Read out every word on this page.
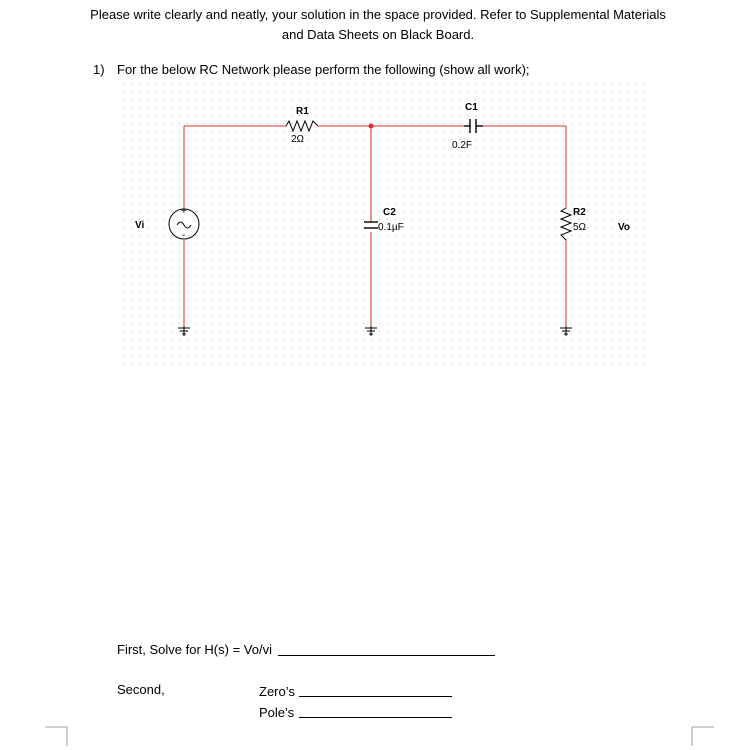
Please write clearly and neatly, your solution in the space provided. Refer to Supplemental Materials
and Data Sheets on Black Board.
1) For the below RC Network please perform the following (show all work);
R1
2Ω
C1
0.2F
+
-
Vi
C2
0.1µF
R2
5Ω	Vo
First, Solve for H(s) = Vo/vi
Second,	Zero’s
Pole’s
